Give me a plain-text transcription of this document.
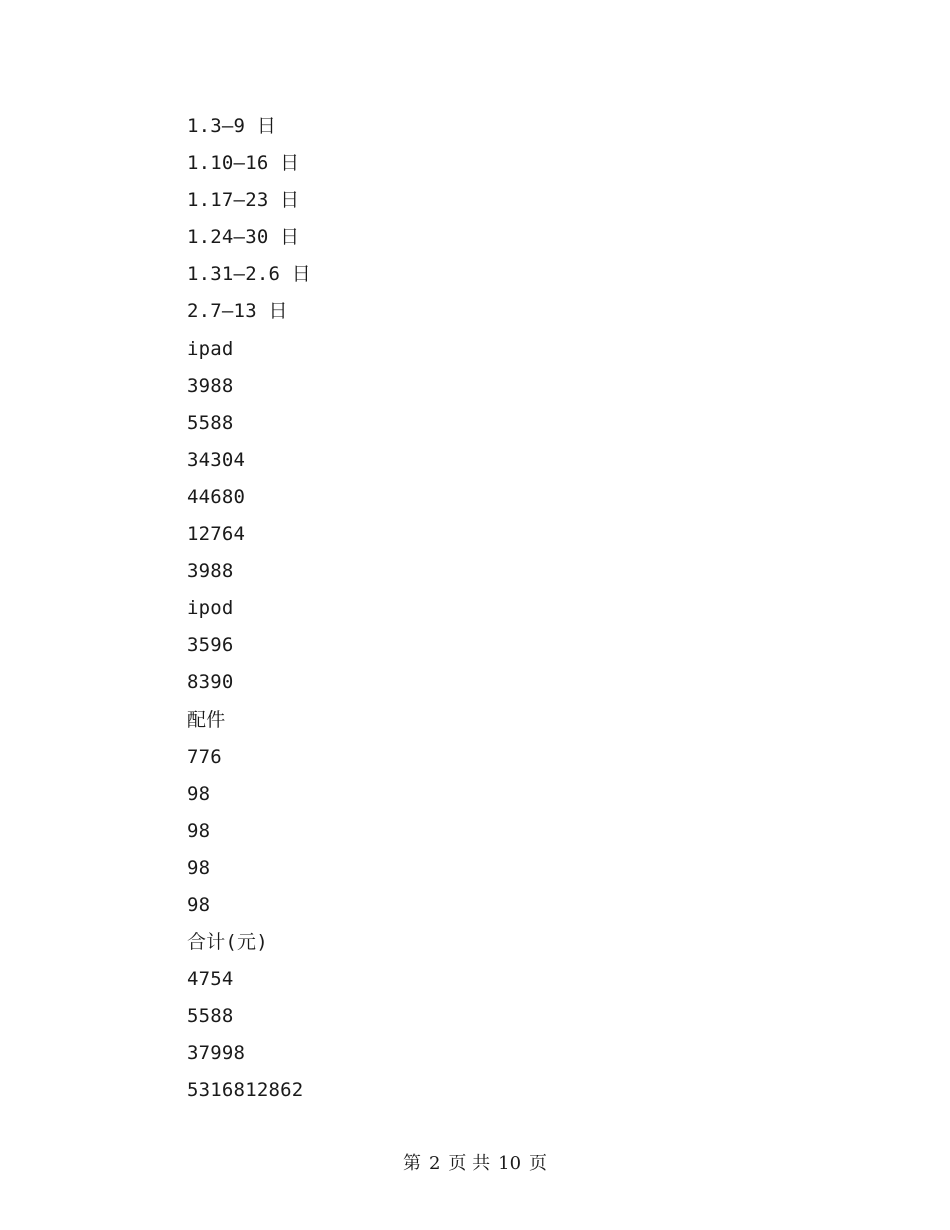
1.3—9 日
1.10—16 日
1.17—23 日
1.24—30 日
1.31—2.6 日
2.7—13 日
ipad
3988
5588
34304
44680
12764
3988
ipod
3596
8390
配件
776
98
98
98
98
合计(元)
4754
5588
37998
5316812862
第 2 页 共 10 页
